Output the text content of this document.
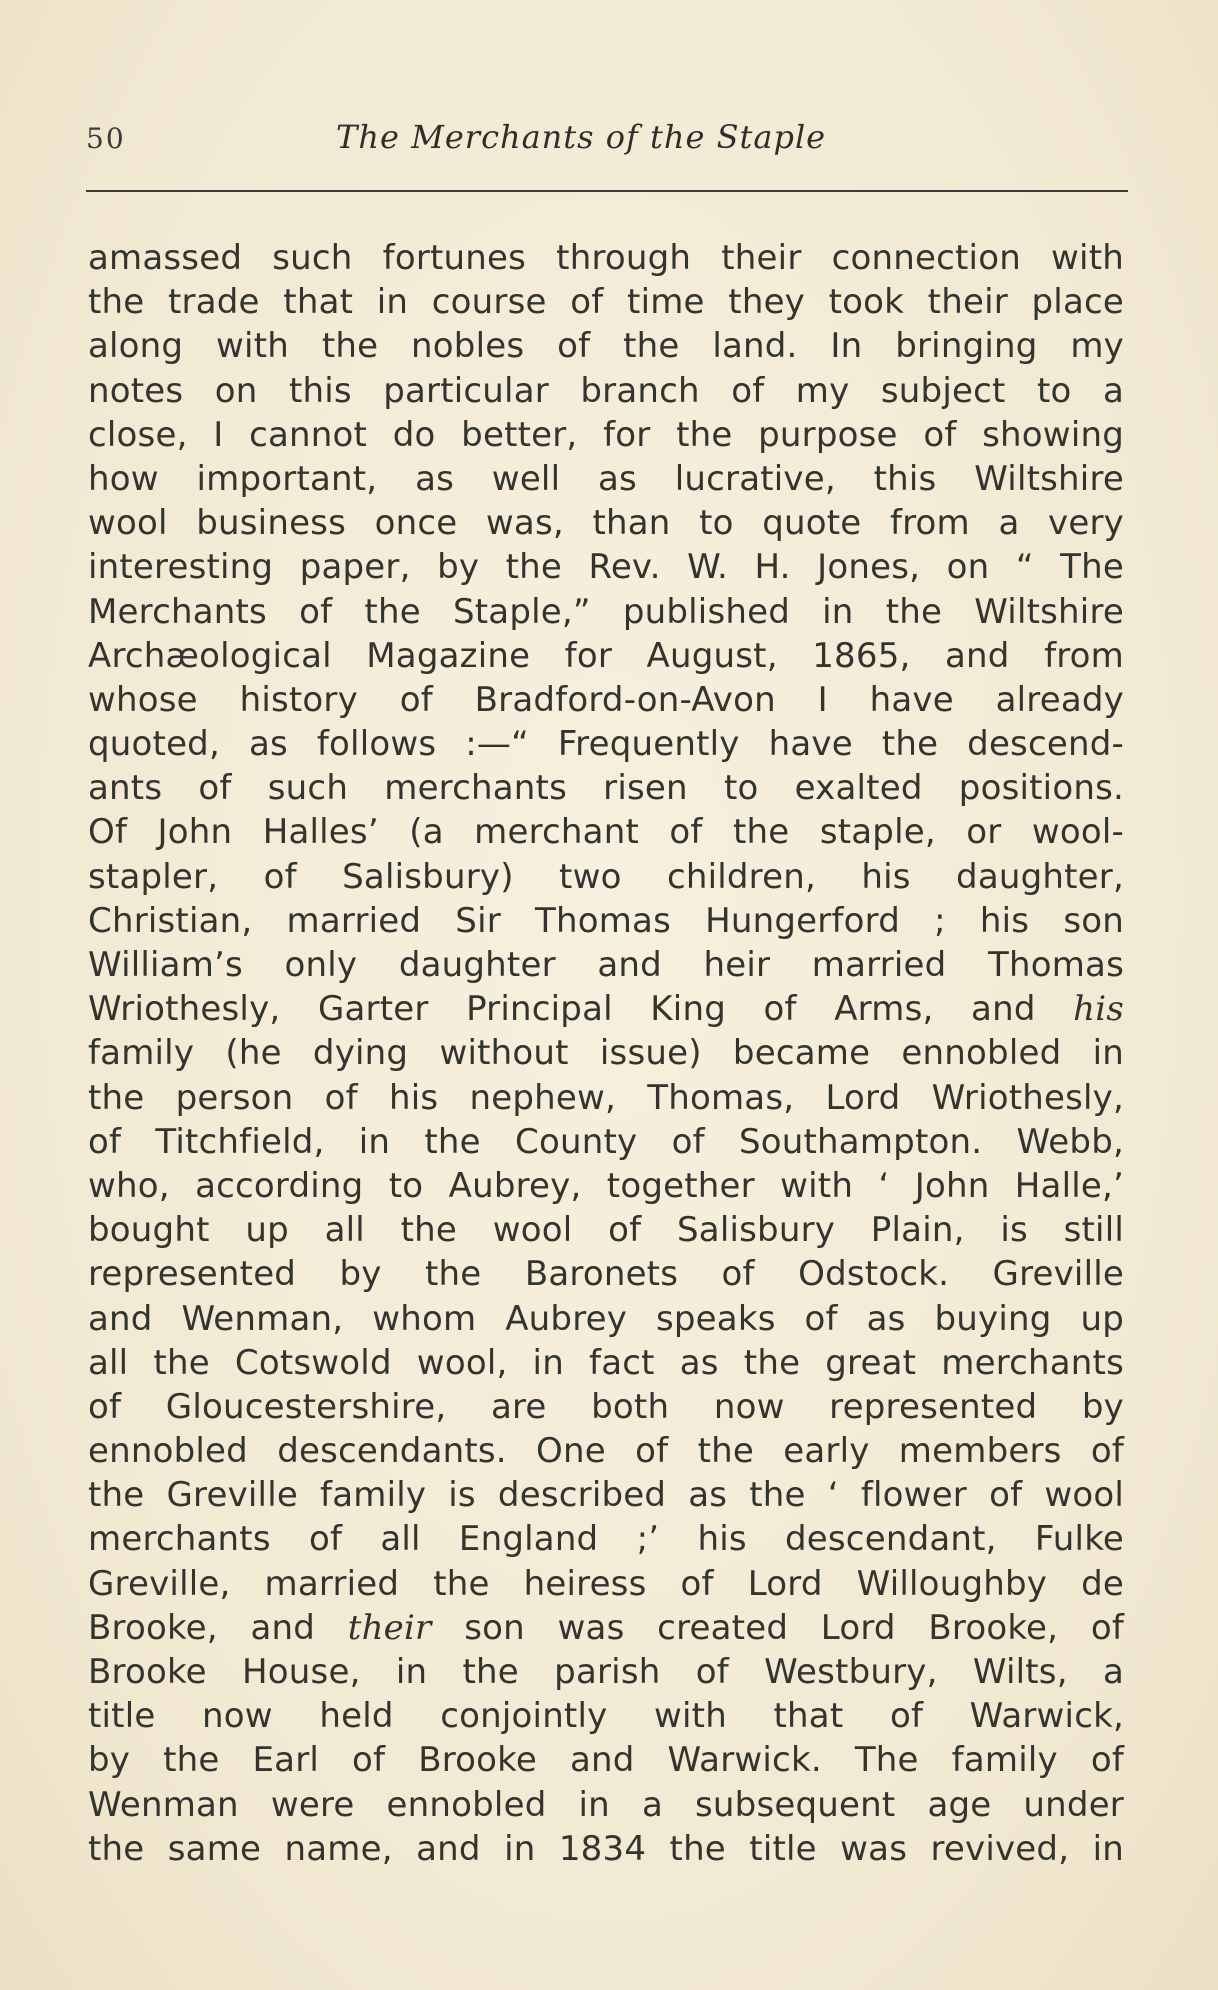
50	The Merchants of the Staple
amassed such fortunes through their connection with
the trade that in course of time they took their place
along with the nobles of the land. In bringing my
notes on this particular branch of my subject to a
close, I cannot do better, for the purpose of showing
how important, as well as lucrative, this Wiltshire
wool business once was, than to quote from a very
interesting paper, by the Rev. W. H. Jones, on “ The
Merchants of the Staple,” published in the Wiltshire
Archæological Magazine for August, 1865, and from
whose history of Bradford-on-Avon I have already
quoted, as follows :—“ Frequently have the descend-
ants of such merchants risen to exalted positions.
Of John Halles’ (a merchant of the staple, or wool-
stapler, of Salisbury) two children, his daughter,
Christian, married Sir Thomas Hungerford ; his son
William’s only daughter and heir married Thomas
Wriothesly, Garter Principal King of Arms, and his
family (he dying without issue) became ennobled in
the person of his nephew, Thomas, Lord Wriothesly,
of Titchfield, in the County of Southampton. Webb,
who, according to Aubrey, together with ‘ John Halle,’
bought up all the wool of Salisbury Plain, is still
represented by the Baronets of Odstock. Greville
and Wenman, whom Aubrey speaks of as buying up
all the Cotswold wool, in fact as the great merchants
of Gloucestershire, are both now represented by
ennobled descendants. One of the early members of
the Greville family is described as the ‘ flower of wool
merchants of all England ;’ his descendant, Fulke
Greville, married the heiress of Lord Willoughby de
Brooke, and their son was created Lord Brooke, of
Brooke House, in the parish of Westbury, Wilts, a
title now held conjointly with that of Warwick,
by the Earl of Brooke and Warwick. The family of
Wenman were ennobled in a subsequent age under
the same name, and in 1834 the title was revived, in
